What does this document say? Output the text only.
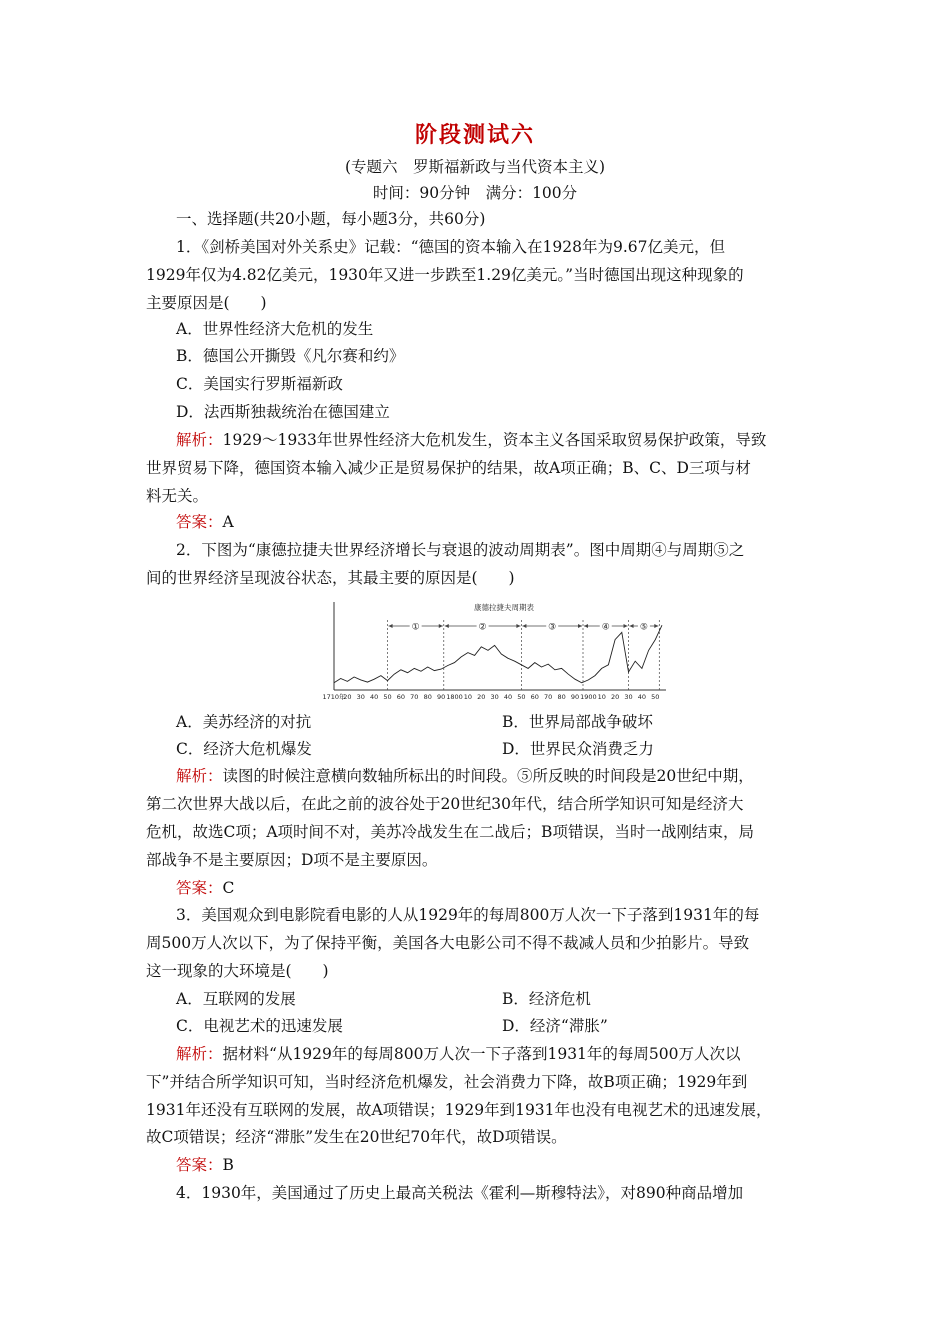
阶段测试六
(专题六　罗斯福新政与当代资本主义)
时间：90分钟　满分：100分
一、选择题(共20小题，每小题3分，共60分)
1．《剑桥美国对外关系史》记载：“德国的资本输入在1928年为9.67亿美元，但
1929年仅为4.82亿美元，1930年又进一步跌至1.29亿美元。”当时德国出现这种现象的
主要原因是(　　)
A．世界性经济大危机的发生
B．德国公开撕毁《凡尔赛和约》
C．美国实行罗斯福新政
D．法西斯独裁统治在德国建立
解析：1929～1933年世界性经济大危机发生，资本主义各国采取贸易保护政策，导致
世界贸易下降，德国资本输入减少正是贸易保护的结果，故A项正确；B、C、D三项与材
料无关。
答案：A
2．下图为“康德拉捷夫世界经济增长与衰退的波动周期表”。图中周期④与周期⑤之
间的世界经济呈现波谷状态，其最主要的原因是(　　)
康德拉捷夫周期表
①	②	③	④	⑤
1710年
20 30 40 50 60 70 80 90 1800 10 20 30 40 50 60 70 80 90 1900 10 20 30 40 50
A．美苏经济的对抗	B．世界局部战争破坏
C．经济大危机爆发	D．世界民众消费乏力
解析：读图的时候注意横向数轴所标出的时间段。⑤所反映的时间段是20世纪中期，
第二次世界大战以后，在此之前的波谷处于20世纪30年代，结合所学知识可知是经济大
危机，故选C项；A项时间不对，美苏冷战发生在二战后；B项错误，当时一战刚结束，局
部战争不是主要原因；D项不是主要原因。
答案：C
3．美国观众到电影院看电影的人从1929年的每周800万人次一下子落到1931年的每
周500万人次以下，为了保持平衡，美国各大电影公司不得不裁减人员和少拍影片。导致
这一现象的大环境是(　　)
A．互联网的发展	B．经济危机
C．电视艺术的迅速发展	D．经济“滞胀”
解析：据材料“从1929年的每周800万人次一下子落到1931年的每周500万人次以
下”并结合所学知识可知，当时经济危机爆发，社会消费力下降，故B项正确；1929年到
1931年还没有互联网的发展，故A项错误；1929年到1931年也没有电视艺术的迅速发展，
故C项错误；经济“滞胀”发生在20世纪70年代，故D项错误。
答案：B
4．1930年，美国通过了历史上最高关税法《霍利—斯穆特法》，对890种商品增加
